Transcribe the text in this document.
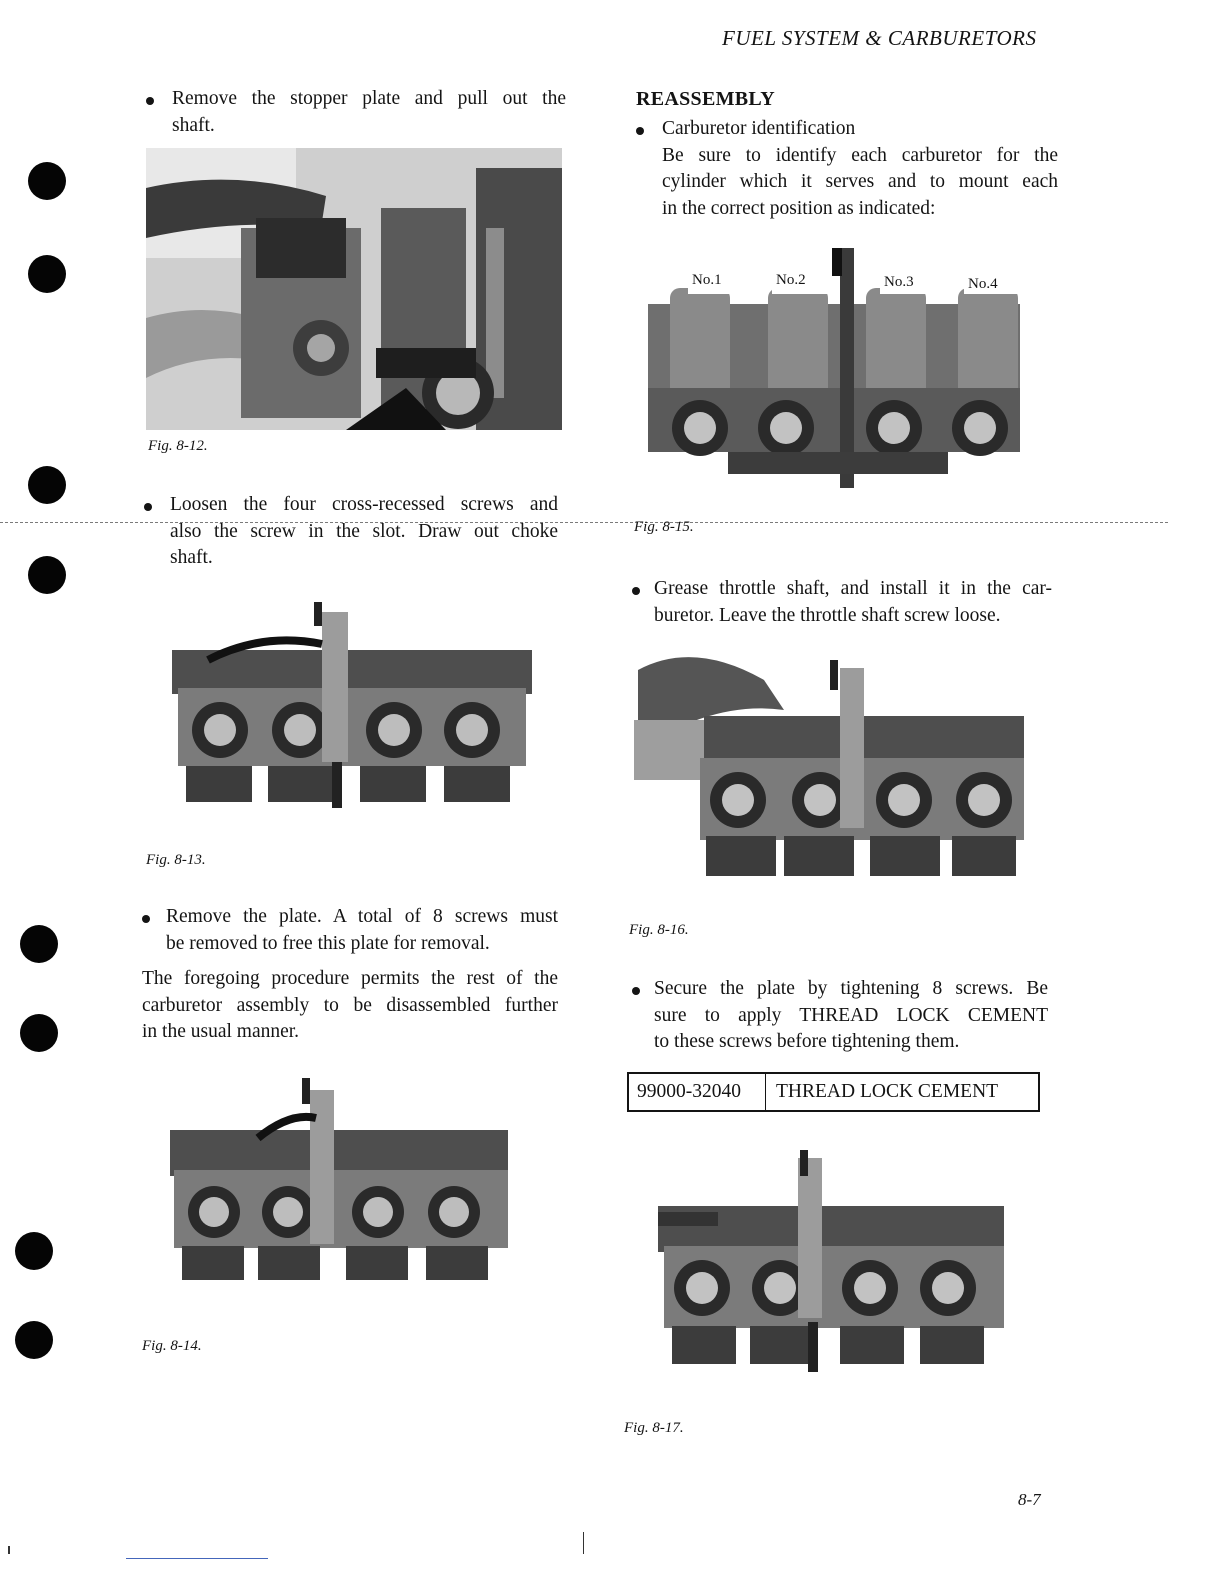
FUEL SYSTEM & CARBURETORS
Remove the stopper plate and pull out the
shaft.
Fig. 8-12.
Loosen the four cross-recessed screws and
also the screw in the slot. Draw out choke
shaft.
Fig. 8-13.
Remove the plate. A total of 8 screws must
be removed to free this plate for removal.
The foregoing procedure permits the rest of the
carburetor assembly to be disassembled further
in the usual manner.
Fig. 8-14.
REASSEMBLY
Carburetor identification
Be sure to identify each carburetor for the
cylinder which it serves and to mount each
in the correct position as indicated:
No.1	No.2	No.3	No.4
Fig. 8-15.
Grease throttle shaft, and install it in the car-
buretor. Leave the throttle shaft screw loose.
Fig. 8-16.
Secure the plate by tightening 8 screws. Be
sure to apply THREAD LOCK CEMENT
to these screws before tightening them.
99000-32040	THREAD LOCK CEMENT
Fig. 8-17.
8-7
